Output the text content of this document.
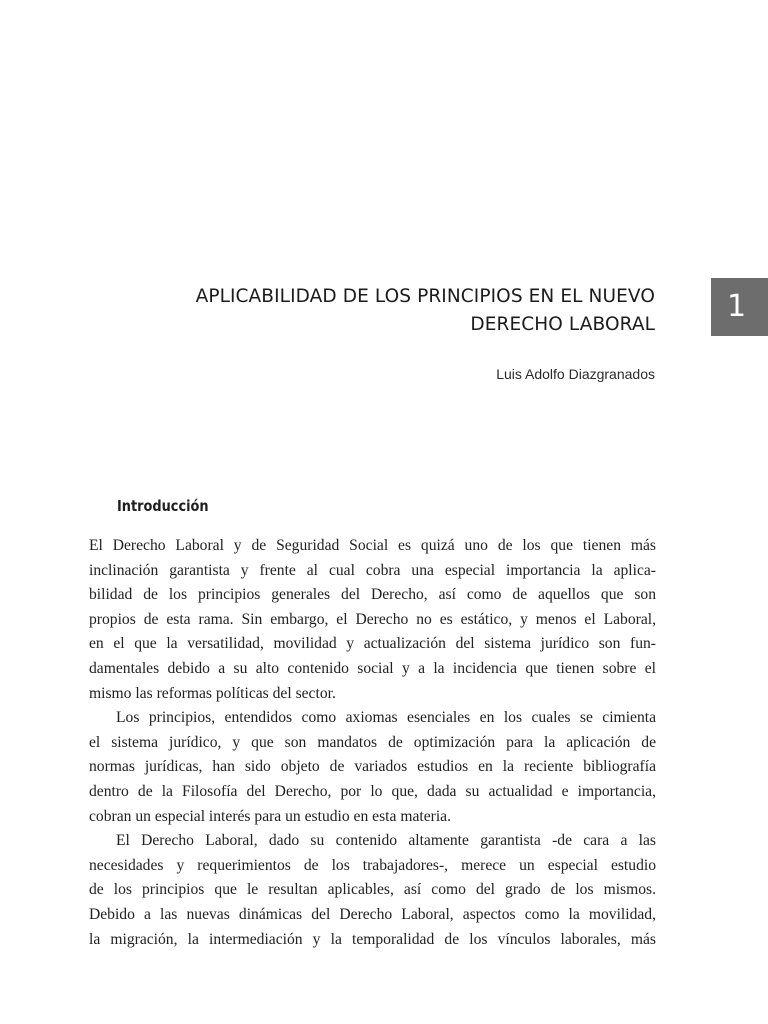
1
APLICABILIDAD DE LOS PRINCIPIOS EN EL NUEVO
DERECHO LABORAL
Luis Adolfo Diazgranados
Introducción

El Derecho Laboral y de Seguridad Social es quizá uno de los que tienen más
inclinación garantista y frente al cual cobra una especial importancia la aplica-
bilidad de los principios generales del Derecho, así como de aquellos que son
propios de esta rama. Sin embargo, el Derecho no es estático, y menos el Laboral,
en el que la versatilidad, movilidad y actualización del sistema jurídico son fun-
damentales debido a su alto contenido social y a la incidencia que tienen sobre el
mismo las reformas políticas del sector.

Los principios, entendidos como axiomas esenciales en los cuales se cimienta
el sistema jurídico, y que son mandatos de optimización para la aplicación de
normas jurídicas, han sido objeto de variados estudios en la reciente bibliografía
dentro de la Filosofía del Derecho, por lo que, dada su actualidad e importancia,
cobran un especial interés para un estudio en esta materia.

El Derecho Laboral, dado su contenido altamente garantista -de cara a las
necesidades y requerimientos de los trabajadores-, merece un especial estudio
de los principios que le resultan aplicables, así como del grado de los mismos.
Debido a las nuevas dinámicas del Derecho Laboral, aspectos como la movilidad,
la migración, la intermediación y la temporalidad de los vínculos laborales, más
